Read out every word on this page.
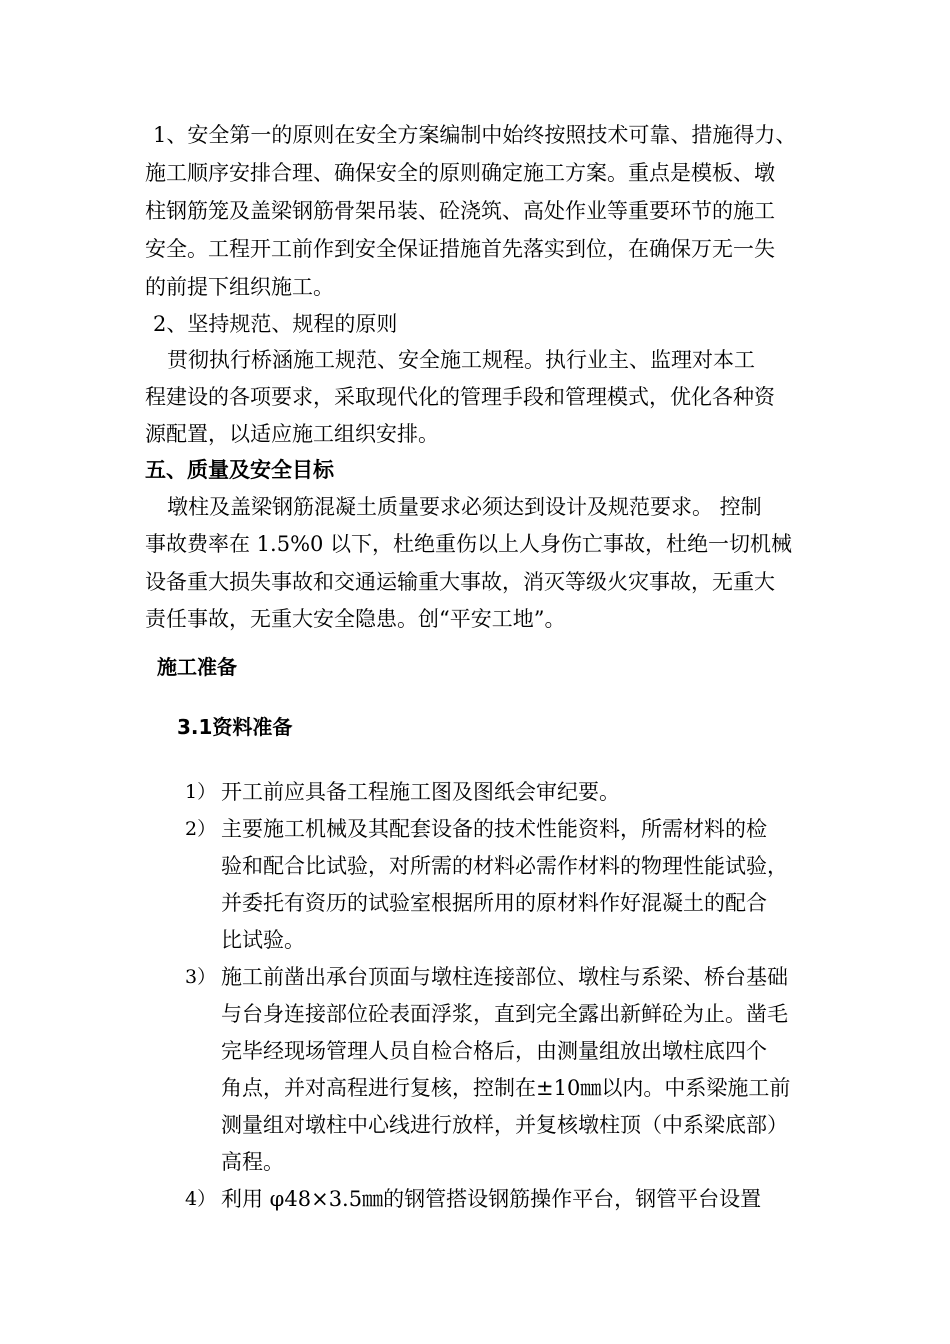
1、安全第一的原则在安全方案编制中始终按照技术可靠、措施得力、
施工顺序安排合理、确保安全的原则确定施工方案。重点是模板、墩
柱钢筋笼及盖梁钢筋骨架吊装、砼浇筑、高处作业等重要环节的施工
安全。工程开工前作到安全保证措施首先落实到位，在确保万无一失
的前提下组织施工。
2、坚持规范、规程的原则
贯彻执行桥涵施工规范、安全施工规程。执行业主、监理对本工
程建设的各项要求，采取现代化的管理手段和管理模式，优化各种资
源配置，以适应施工组织安排。
五、质量及安全目标
墩柱及盖梁钢筋混凝土质量要求必须达到设计及规范要求。 控制
事故费率在 1.5%0 以下，杜绝重伤以上人身伤亡事故，杜绝一切机械
设备重大损失事故和交通运输重大事故，消灭等级火灾事故，无重大
责任事故，无重大安全隐患。创“平安工地”。
施工准备
3.1资料准备
1） 开工前应具备工程施工图及图纸会审纪要。
2） 主要施工机械及其配套设备的技术性能资料，所需材料的检
验和配合比试验，对所需的材料必需作材料的物理性能试验，
并委托有资历的试验室根据所用的原材料作好混凝土的配合
比试验。
3） 施工前凿出承台顶面与墩柱连接部位、墩柱与系梁、桥台基础
与台身连接部位砼表面浮浆，直到完全露出新鲜砼为止。凿毛
完毕经现场管理人员自检合格后，由测量组放出墩柱底四个
角点，并对高程进行复核，控制在±10㎜以内。中系梁施工前
测量组对墩柱中心线进行放样，并复核墩柱顶（中系梁底部）
高程。
4） 利用 φ48×3.5㎜的钢管搭设钢筋操作平台，钢管平台设置
